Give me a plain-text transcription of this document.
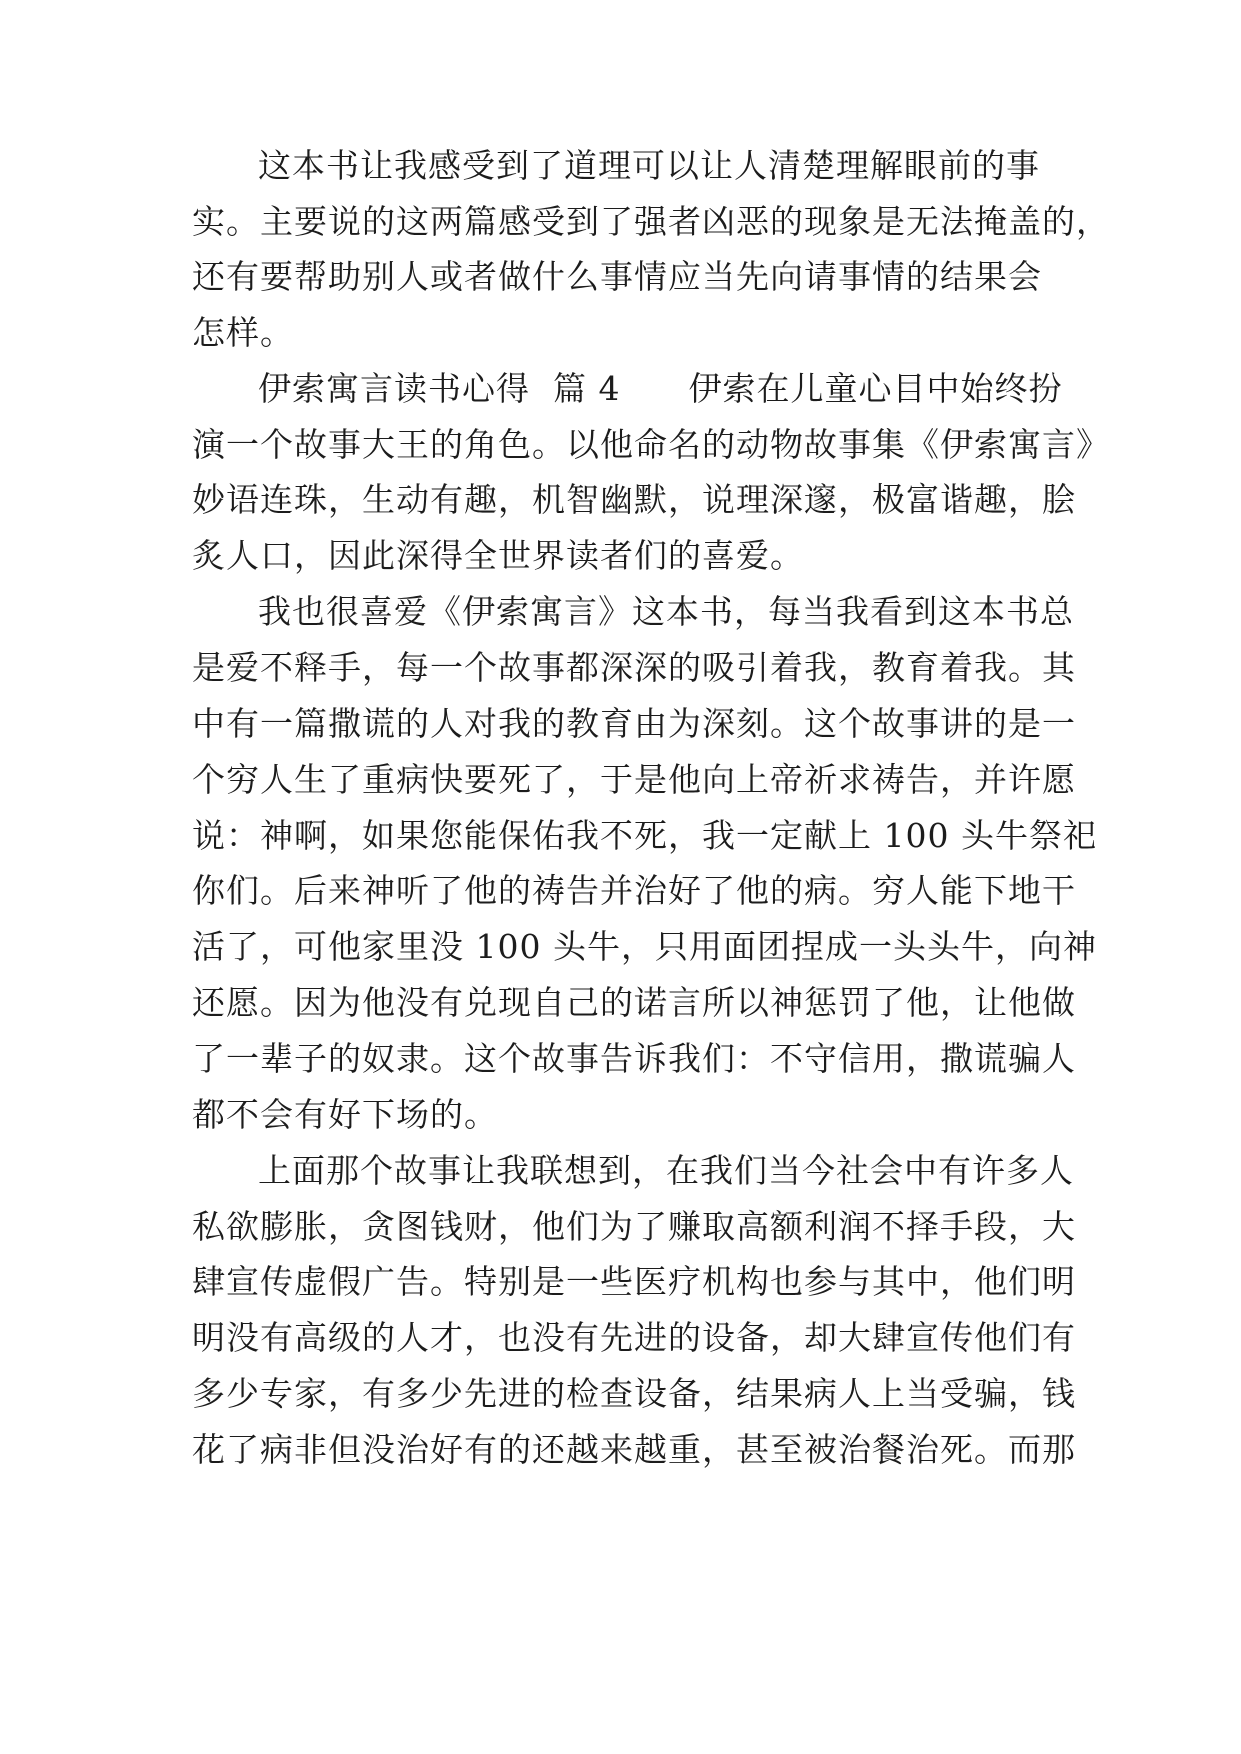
这本书让我感受到了道理可以让人清楚理解眼前的事
实。主要说的这两篇感受到了强者凶恶的现象是无法掩盖的，
还有要帮助别人或者做什么事情应当先向请事情的结果会
怎样。
伊索寓言读书心得  篇 4 伊索在儿童心目中始终扮
演一个故事大王的角色。以他命名的动物故事集《伊索寓言》
妙语连珠，生动有趣，机智幽默，说理深邃，极富谐趣，脍
炙人口，因此深得全世界读者们的喜爱。
我也很喜爱《伊索寓言》这本书，每当我看到这本书总
是爱不释手，每一个故事都深深的吸引着我，教育着我。其
中有一篇撒谎的人对我的教育由为深刻。这个故事讲的是一
个穷人生了重病快要死了，于是他向上帝祈求祷告，并许愿
说：神啊，如果您能保佑我不死，我一定献上 100 头牛祭祀
你们。后来神听了他的祷告并治好了他的病。穷人能下地干
活了，可他家里没 100 头牛，只用面团捏成一头头牛，向神
还愿。因为他没有兑现自己的诺言所以神惩罚了他，让他做
了一辈子的奴隶。这个故事告诉我们：不守信用，撒谎骗人
都不会有好下场的。
上面那个故事让我联想到，在我们当今社会中有许多人
私欲膨胀，贪图钱财，他们为了赚取高额利润不择手段，大
肆宣传虚假广告。特别是一些医疗机构也参与其中，他们明
明没有高级的人才，也没有先进的设备，却大肆宣传他们有
多少专家，有多少先进的检查设备，结果病人上当受骗，钱
花了病非但没治好有的还越来越重，甚至被治餐治死。而那
